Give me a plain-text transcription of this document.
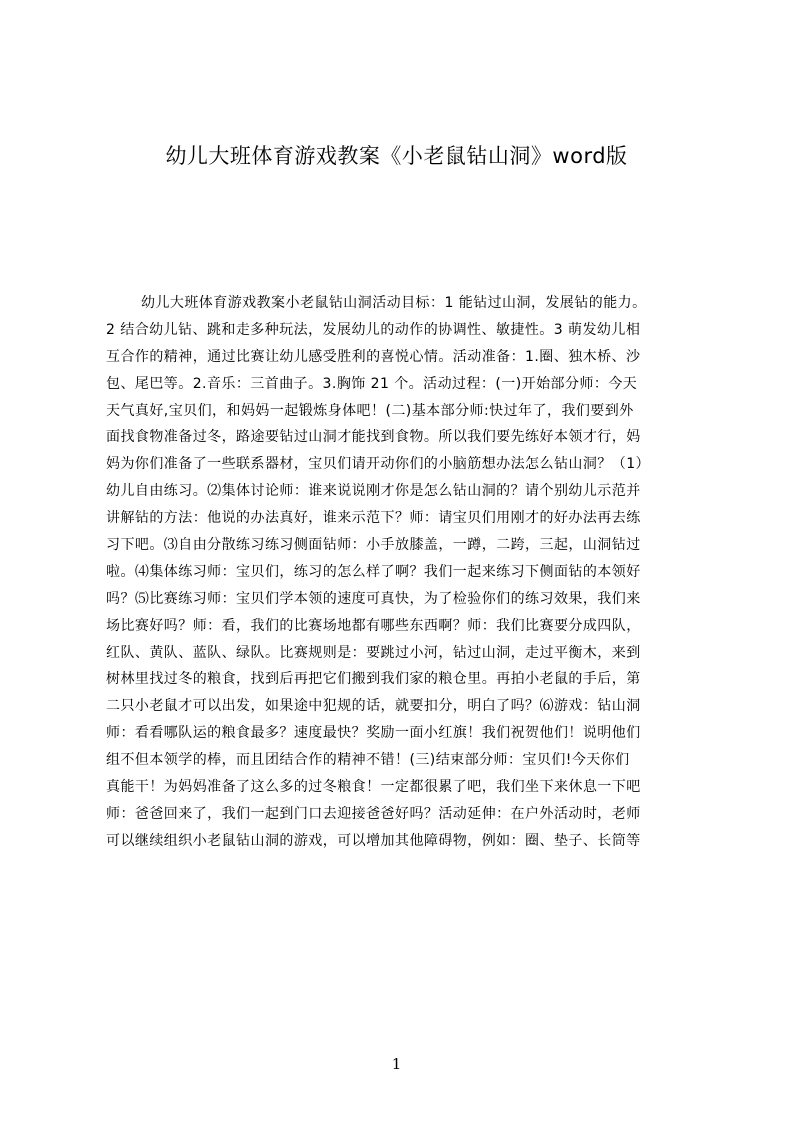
幼儿大班体育游戏教案《小老鼠钻山洞》word版
幼儿大班体育游戏教案小老鼠钻山洞活动目标：1 能钻过山洞，发展钻的能力。
2 结合幼儿钻、跳和走多种玩法，发展幼儿的动作的协调性、敏捷性。3 萌发幼儿相
互合作的精神，通过比赛让幼儿感受胜利的喜悦心情。活动准备：1.圈、独木桥、沙
包、尾巴等。2.音乐：三首曲子。3.胸饰 21 个。活动过程：(一)开始部分师：今天
天气真好,宝贝们，和妈妈一起锻炼身体吧！(二)基本部分师:快过年了，我们要到外
面找食物准备过冬，路途要钻过山洞才能找到食物。所以我们要先练好本领才行，妈
妈为你们准备了一些联系器材，宝贝们请开动你们的小脑筋想办法怎么钻山洞？（1）
幼儿自由练习。⑵集体讨论师：谁来说说刚才你是怎么钻山洞的？请个别幼儿示范并
讲解钻的方法：他说的办法真好，谁来示范下？师：请宝贝们用刚才的好办法再去练
习下吧。⑶自由分散练习练习侧面钻师：小手放膝盖，一蹲，二跨，三起，山洞钻过
啦。⑷集体练习师：宝贝们，练习的怎么样了啊？我们一起来练习下侧面钻的本领好
吗？⑸比赛练习师：宝贝们学本领的速度可真快，为了检验你们的练习效果，我们来
场比赛好吗？师：看，我们的比赛场地都有哪些东西啊？师：我们比赛要分成四队，
红队、黄队、蓝队、绿队。比赛规则是：要跳过小河，钻过山洞，走过平衡木，来到
树林里找过冬的粮食，找到后再把它们搬到我们家的粮仓里。再拍小老鼠的手后，第
二只小老鼠才可以出发，如果途中犯规的话，就要扣分，明白了吗？⑹游戏：钻山洞
师：看看哪队运的粮食最多？速度最快？奖励一面小红旗！我们祝贺他们！说明他们
组不但本领学的棒，而且团结合作的精神不错！(三)结束部分师：宝贝们!今天你们
真能干！为妈妈准备了这么多的过冬粮食！一定都很累了吧，我们坐下来休息一下吧
师：爸爸回来了，我们一起到门口去迎接爸爸好吗？活动延伸：在户外活动时，老师
可以继续组织小老鼠钻山洞的游戏，可以增加其他障碍物，例如：圈、垫子、长筒等
1
